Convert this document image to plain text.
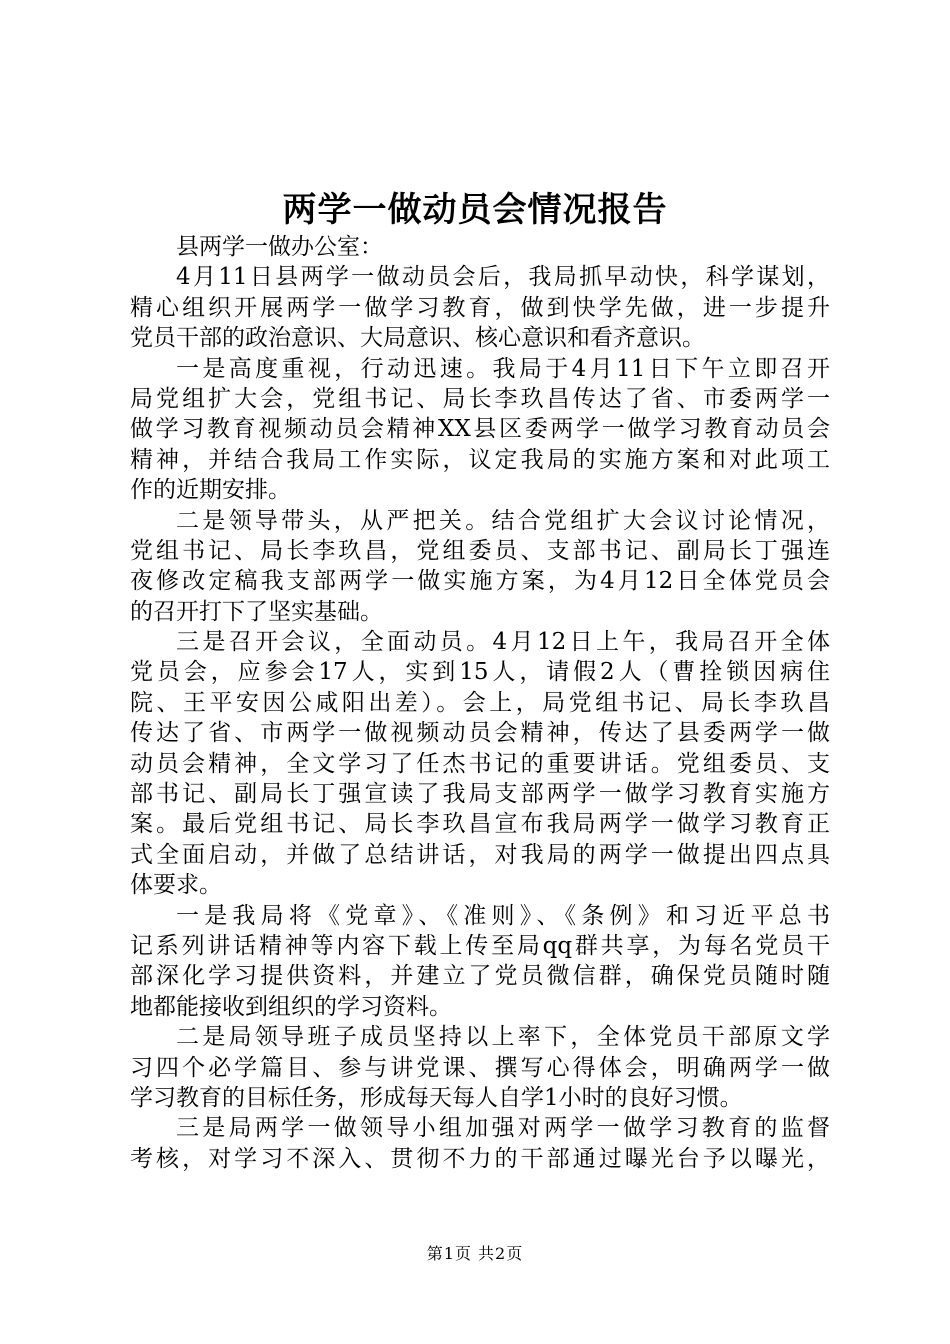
两学一做动员会情况报告
县两学一做办公室：
4月11日县两学一做动员会后，我局抓早动快，科学谋划，
精心组织开展两学一做学习教育，做到快学先做，进一步提升
党员干部的政治意识、大局意识、核心意识和看齐意识。
一是高度重视，行动迅速。我局于4月11日下午立即召开
局党组扩大会，党组书记、局长李玖昌传达了省、市委两学一
做学习教育视频动员会精神XX县区委两学一做学习教育动员会
精神，并结合我局工作实际，议定我局的实施方案和对此项工
作的近期安排。
二是领导带头，从严把关。结合党组扩大会议讨论情况，
党组书记、局长李玖昌，党组委员、支部书记、副局长丁强连
夜修改定稿我支部两学一做实施方案，为4月12日全体党员会
的召开打下了坚实基础。
三是召开会议，全面动员。4月12日上午，我局召开全体
党员会，应参会17人，实到15人，请假2人（曹拴锁因病住
院、王平安因公咸阳出差）。会上，局党组书记、局长李玖昌
传达了省、市两学一做视频动员会精神，传达了县委两学一做
动员会精神，全文学习了任杰书记的重要讲话。党组委员、支
部书记、副局长丁强宣读了我局支部两学一做学习教育实施方
案。最后党组书记、局长李玖昌宣布我局两学一做学习教育正
式全面启动，并做了总结讲话，对我局的两学一做提出四点具
体要求。
一是我局将《党章》、《准则》、《条例》和习近平总书
记系列讲话精神等内容下载上传至局qq群共享，为每名党员干
部深化学习提供资料，并建立了党员微信群，确保党员随时随
地都能接收到组织的学习资料。
二是局领导班子成员坚持以上率下，全体党员干部原文学
习四个必学篇目、参与讲党课、撰写心得体会，明确两学一做
学习教育的目标任务，形成每天每人自学1小时的良好习惯。
三是局两学一做领导小组加强对两学一做学习教育的监督
考核，对学习不深入、贯彻不力的干部通过曝光台予以曝光，
第1页 共2页
